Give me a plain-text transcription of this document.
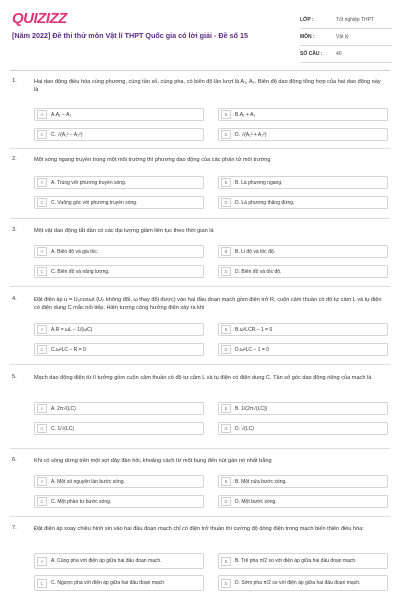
QUIZIZZ
[Năm 2022] Đề thi thử môn Vật lí THPT Quốc gia có lời giải - Đề số 15
LỚP :	Tốt nghiệp THPT
MÔN :	Vật lý
SỐ CÂU :	40
1.	Hai dao động điều hòa cùng phương, cùng tần số, cùng pha, có biên độ lần lượt là A₁, A₂. Biên độ dao động tổng hợp của hai dao động này là
A	A.A₁ − A₂	B	B.A₁ + A₂
C	C. √(A₁² − A₂²)	D	D. √(A₁² + A₂²)
2.	Một sóng ngang truyền trong một môi trường thì phương dao động của các phần tử môi trường
A	A. Trùng với phương truyền sóng.	B	B. Là phương ngang.
C	C. Vuông góc với phương truyền sóng.	D	D. Là phương thẳng đứng.
3.	Một vật dao động tắt dần có các đại lượng giảm liên tục theo thời gian là
A	A. Biên độ và gia tốc.	B	B. Li độ và tốc độ.
C	C. Biên độ và năng lượng.	D	D. Biên độ và tốc độ.
4.	Đặt điện áp u = U₀cosωt (U₀ không đổi, ω thay đổi được) vào hai đầu đoạn mạch gồm điện trở R, cuộn cảm thuần có độ tự cảm L và tụ điện có điện dung C mắc nối tiếp. Hiện tượng cộng hưởng điện xảy ra khi
A	A.R = ωL − 1/(ωC)	B	B.ω²LCR − 1 = 0
C	C.ω²LC − R = 0	D	D.ω²LC − 1 = 0
5.	Mạch dao động điện từ lí tưởng gồm cuộn cảm thuần có độ tự cảm L và tụ điện có điện dung C. Tần số góc dao động riêng của mạch là
A	A. 2π√(LC)	B	B. 1/(2π√(LC))
C	C. 1/√(LC)	D	D. √(LC)
6.	Khi có sóng dừng trên một sợi dây đàn hồi, khoảng cách từ một bụng đến nút gần nó nhất bằng
A	A. Một số nguyên lần bước sóng.	B	B. Một nửa bước sóng.
C	C. Một phần tư bước sóng.	D	D. Một bước sóng.
7.	Đặt điện áp xoay chiều hình sin vào hai đầu đoạn mạch chỉ có điện trở thuần thì cường độ dòng điện trong mạch biến thiên điều hòa:
A	A. Cùng pha với điện áp giữa hai đầu đoạn mạch.	B	B. Trễ pha π/2 so với điện áp giữa hai đầu đoạn mạch.
C	C. Ngược pha với điện áp giữa hai đầu đoạn mạch	D	D. Sớm pha π/2 so với điện áp giữa hai đầu đoạn mạch.
